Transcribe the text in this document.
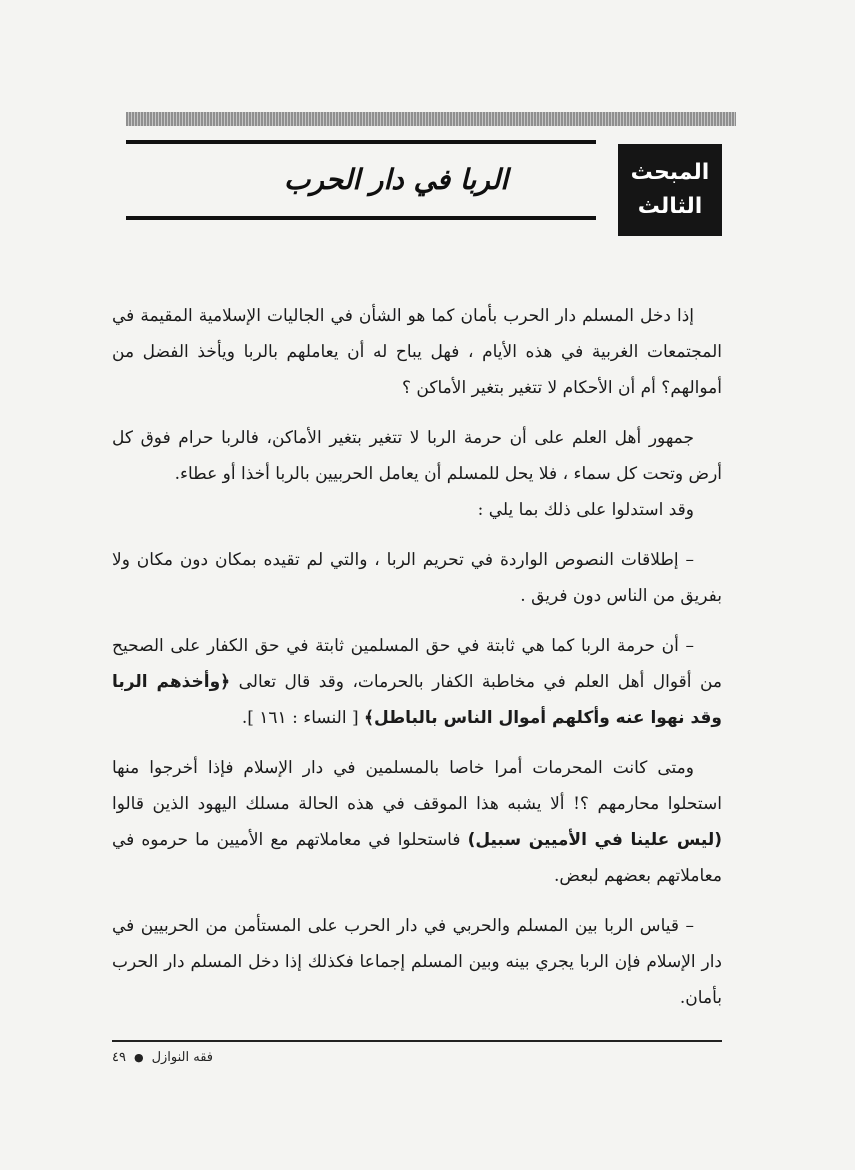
المبحث
الثالث
الربا في دار الحرب

إذا دخل المسلم دار الحرب بأمان كما هو الشأن في الجاليات الإسلامية المقيمة في المجتمعات الغربية في هذه الأيام ، فهل يباح له أن يعاملهم بالربا ويأخذ الفضل من أموالهم؟ أم أن الأحكام لا تتغير بتغير الأماكن ؟

جمهور أهل العلم على أن حرمة الربا لا تتغير بتغير الأماكن، فالربا حرام فوق كل أرض وتحت كل سماء ، فلا يحل للمسلم أن يعامل الحربيين بالربا أخذا أو عطاء.

وقد استدلوا على ذلك بما يلي :

– إطلاقات النصوص الواردة في تحريم الربا ، والتي لم تقيده بمكان دون مكان ولا بفريق من الناس دون فريق .

– أن حرمة الربا كما هي ثابتة في حق المسلمين ثابتة في حق الكفار على الصحيح من أقوال أهل العلم في مخاطبة الكفار بالحرمات، وقد قال تعالى ﴿وأخذهم الربا وقد نهوا عنه وأكلهم أموال الناس بالباطل﴾ [ النساء : ١٦١ ].

ومتى كانت المحرمات أمرا خاصا بالمسلمين في دار الإسلام فإذا أخرجوا منها استحلوا محارمهم ؟! ألا يشبه هذا الموقف في هذه الحالة مسلك اليهود الذين قالوا (ليس علينا في الأميين سبيل) فاستحلوا في معاملاتهم مع الأميين ما حرموه في معاملاتهم بعضهم لبعض.

– قياس الربا بين المسلم والحربي في دار الحرب على المستأمن من الحربيين في دار الإسلام فإن الربا يجري بينه وبين المسلم إجماعا فكذلك إذا دخل المسلم دار الحرب بأمان.

فقه النوازل
●
٤٩
